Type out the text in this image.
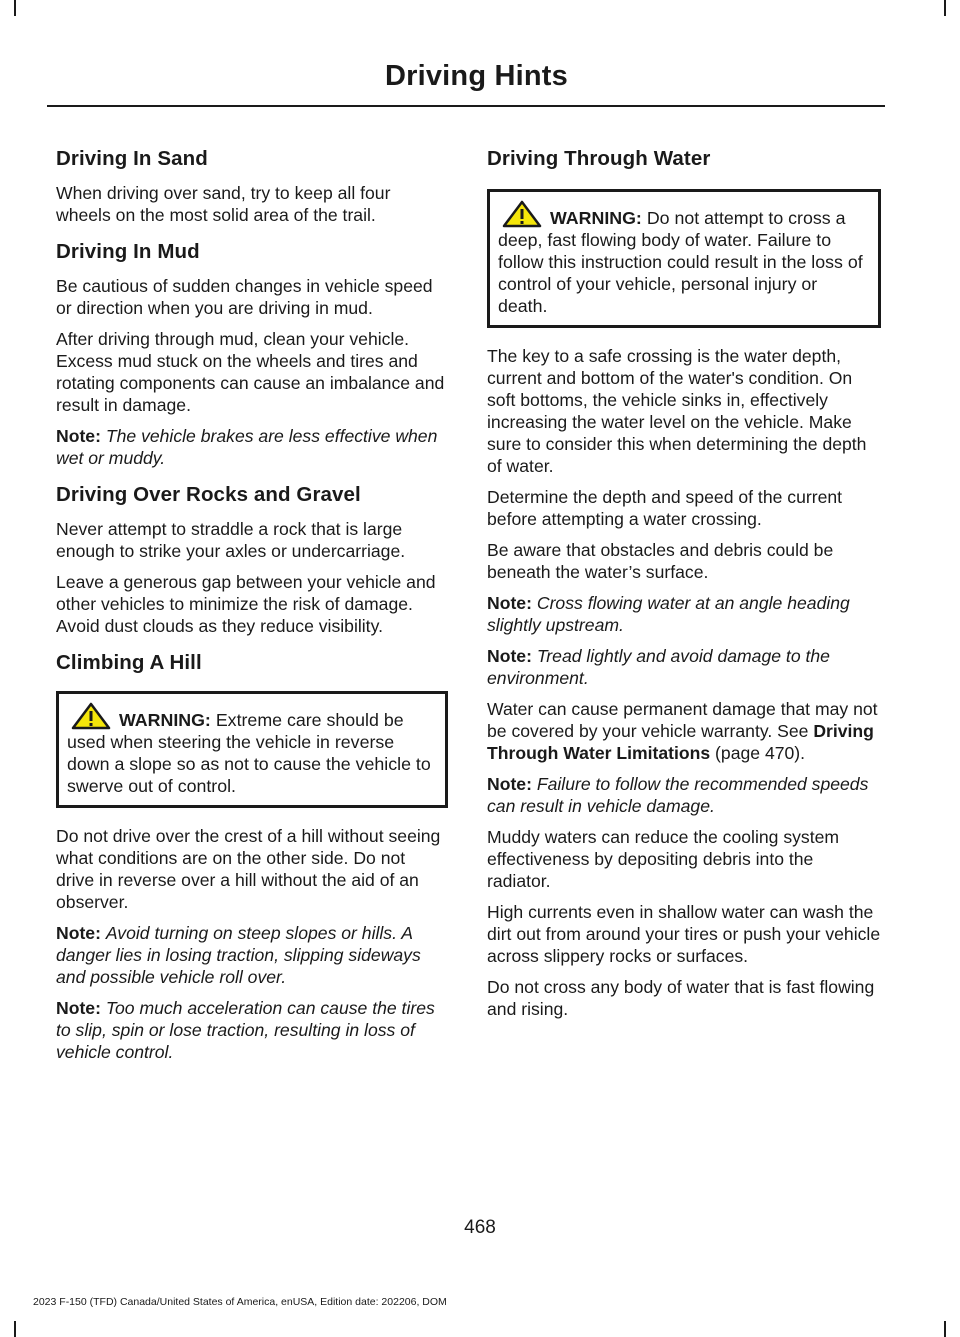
Driving Hints
Driving In Sand

When driving over sand, try to keep all four wheels on the most solid area of the trail.

Driving In Mud

Be cautious of sudden changes in vehicle speed or direction when you are driving in mud.

After driving through mud, clean your vehicle. Excess mud stuck on the wheels and tires and rotating components can cause an imbalance and result in damage.

Note: The vehicle brakes are less effective when wet or muddy.

Driving Over Rocks and Gravel

Never attempt to straddle a rock that is large enough to strike your axles or undercarriage.

Leave a generous gap between your vehicle and other vehicles to minimize the risk of damage. Avoid dust clouds as they reduce visibility.

Climbing A Hill

WARNING: Extreme care should be used when steering the vehicle in reverse down a slope so as not to cause the vehicle to swerve out of control.

Do not drive over the crest of a hill without seeing what conditions are on the other side. Do not drive in reverse over a hill without the aid of an observer.

Note: Avoid turning on steep slopes or hills. A danger lies in losing traction, slipping sideways and possible vehicle roll over.

Note: Too much acceleration can cause the tires to slip, spin or lose traction, resulting in loss of vehicle control.

Driving Through Water

WARNING: Do not attempt to cross a deep, fast flowing body of water. Failure to follow this instruction could result in the loss of control of your vehicle, personal injury or death.

The key to a safe crossing is the water depth, current and bottom of the water's condition. On soft bottoms, the vehicle sinks in, effectively increasing the water level on the vehicle. Make sure to consider this when determining the depth of water.

Determine the depth and speed of the current before attempting a water crossing.

Be aware that obstacles and debris could be beneath the water’s surface.

Note: Cross flowing water at an angle heading slightly upstream.

Note: Tread lightly and avoid damage to the environment.

Water can cause permanent damage that may not be covered by your vehicle warranty. See Driving Through Water Limitations (page 470).

Note: Failure to follow the recommended speeds can result in vehicle damage.

Muddy waters can reduce the cooling system effectiveness by depositing debris into the radiator.

High currents even in shallow water can wash the dirt out from around your tires or push your vehicle across slippery rocks or surfaces.

Do not cross any body of water that is fast flowing and rising.

468
2023 F-150 (TFD) Canada/United States of America, enUSA, Edition date: 202206, DOM
